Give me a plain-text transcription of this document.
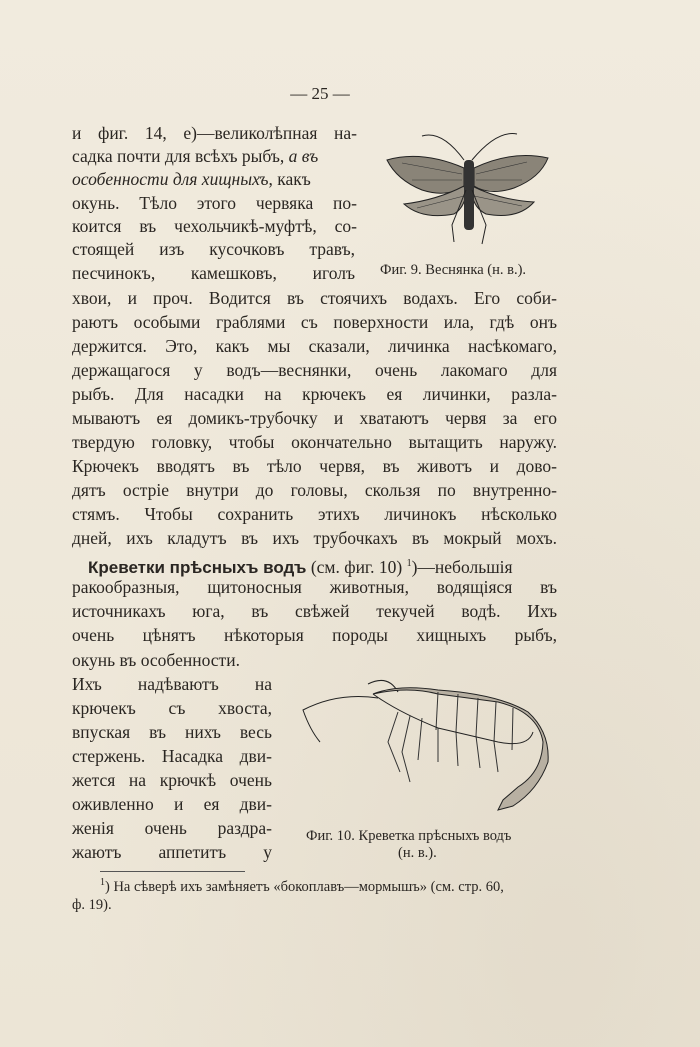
— 25 —
и фиг. 14, е)—великолѣпная на-
садка почти для всѣхъ рыбъ, а въ
особенности для хищныхъ, какъ
окунь. Тѣло этого червяка по-
коится въ чехольчикѣ-муфтѣ, со-
стоящей изъ кусочковъ травъ,
песчинокъ, камешковъ, иголъ Фиг. 9. Веснянка (н. в.).
хвои, и проч. Водится въ стоячихъ водахъ. Его соби-
раютъ особыми граблями съ поверхности ила, гдѣ онъ
держится. Это, какъ мы сказали, личинка насѣкомаго,
держащагося у водъ—веснянки, очень лакомаго для
рыбъ. Для насадки на крючекъ ея личинки, разла-
мываютъ ея домикъ-трубочку и хватаютъ червя за его
твердую головку, чтобы окончательно вытащить наружу.
Крючекъ вводятъ въ тѣло червя, въ животъ и дово-
дятъ остріе внутри до головы, скользя по внутренно-
стямъ. Чтобы сохранить этихъ личинокъ нѣсколько
дней, ихъ кладутъ въ ихъ трубочкахъ въ мокрый мохъ.
Креветки прѣсныхъ водъ (см. фиг. 10) $^1$)—небольшія
ракообразныя, щитоносныя животныя, водящіяся въ
источникахъ юга, въ свѣжей текучей водѣ. Ихъ
очень цѣнятъ нѣкоторыя породы хищныхъ рыбъ,
окунь въ особенности.
Ихъ надѣваютъ на
крючекъ съ хвоста,
впуская въ нихъ весь
стержень. Насадка дви-
жется на крючкѣ очень
оживленно и ея дви-
женія очень раздра-
жаютъ аппетитъ у
Фиг. 10. Креветка прѣсныхъ водъ
(н. в.).
$^1$) На сѣверѣ ихъ замѣняетъ «бокоплавъ—мормышъ» (см. стр. 60,
ф. 19).
